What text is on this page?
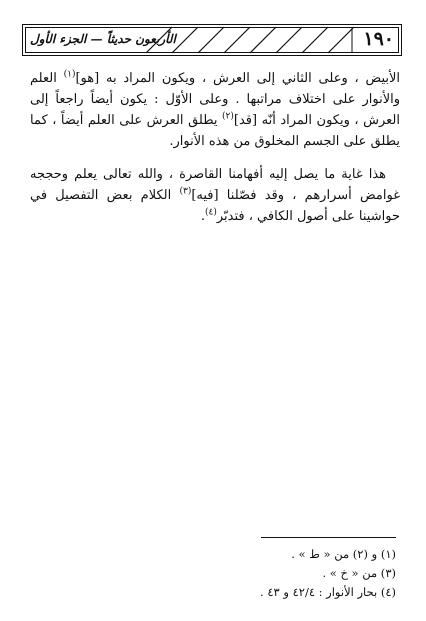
١٩٠
الأربعون حديثاً — الجزء الأول

الأبيض ، وعلى الثاني إلى العرش ، ويكون المراد به [هو]$^{(١)}$ العلم والأنوار على اختلاف مراتبها . وعلى الأوّل : يكون أيضاً راجعاً إلى العرش ، ويكون المراد أنّه [قد]$^{(٢)}$ يطلق العرش على العلم أيضاً ، كما يطلق على الجسم المخلوق من هذه الأنوار.

هذا غاية ما يصل إليه أفهامنا القاصرة ، والله تعالى يعلم وحججه غوامض أسرارهم ، وقد فصّلنا [فيه]$^{(٣)}$ الكلام بعض التفصيل في حواشينا على أصول الكافي ، فتدبّر$^{(٤)}$.

(١) و (٢) من « ط » .
(٣) من « خ » .
(٤) بحار الأنوار : ٤٢/٤ و ٤٣ .
